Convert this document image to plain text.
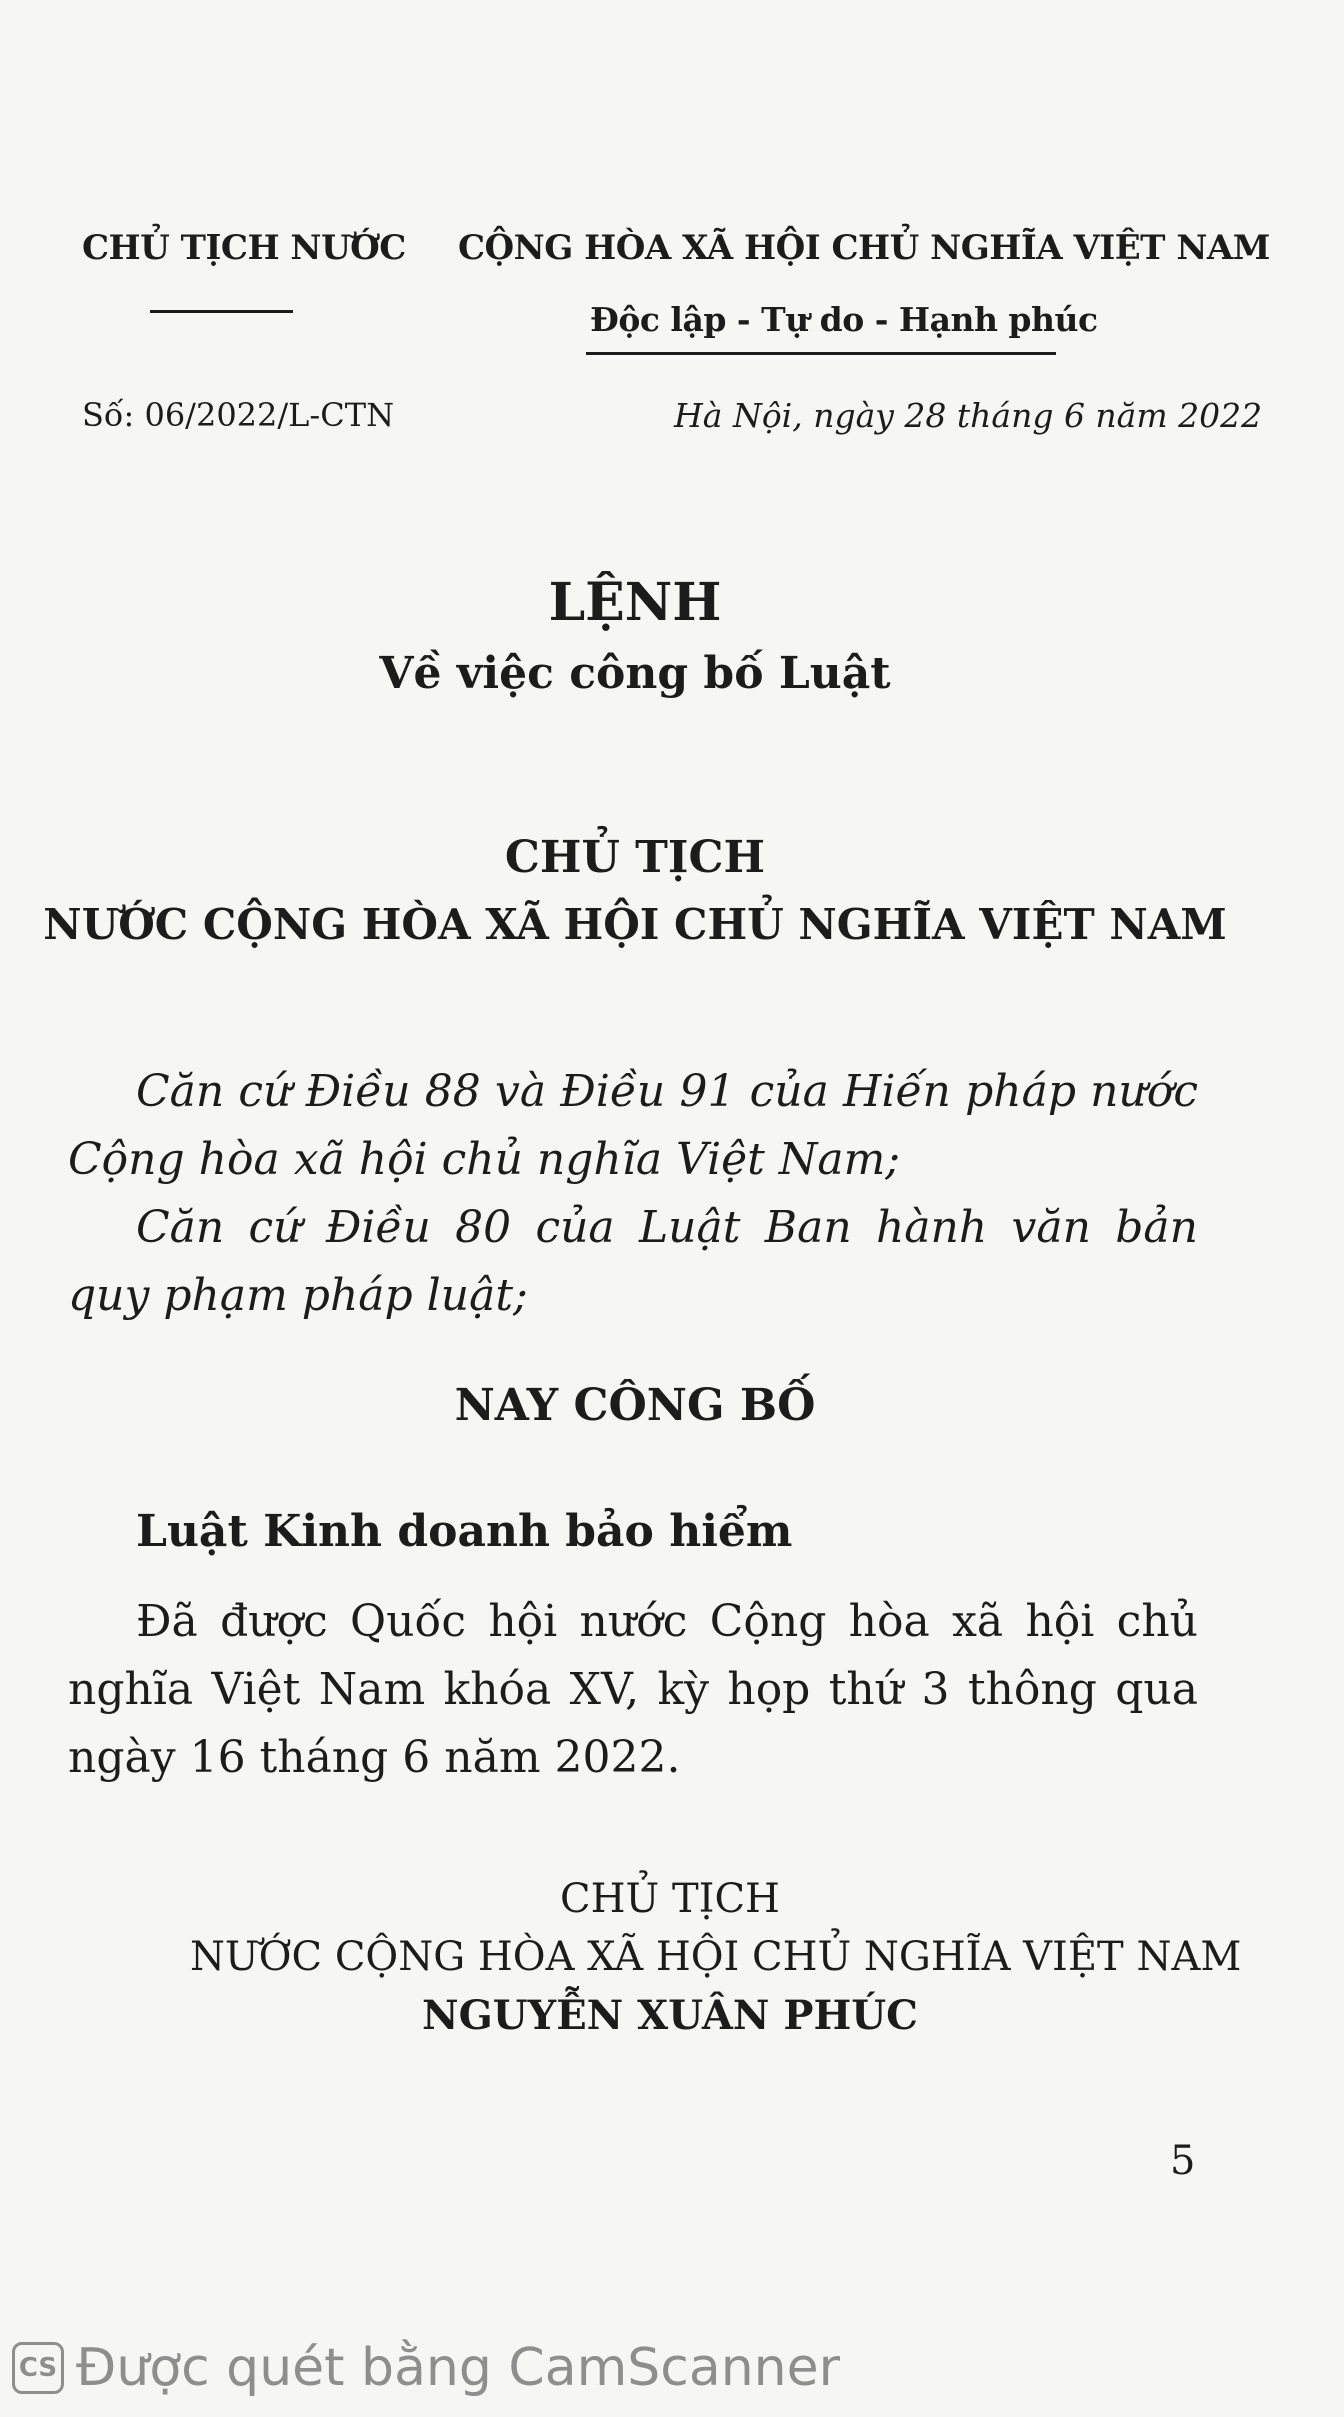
CHỦ TỊCH NƯỚC CỘNG HÒA XÃ HỘI CHỦ NGHĨA VIỆT NAM
Độc lập - Tự do - Hạnh phúc
Số: 06/2022/L-CTN	Hà Nội, ngày 28 tháng 6 năm 2022
LỆNH
Về việc công bố Luật
CHỦ TỊCH
NƯỚC CỘNG HÒA XÃ HỘI CHỦ NGHĨA VIỆT NAM
Căn cứ Điều 88 và Điều 91 của Hiến pháp nước Cộng hòa xã hội chủ nghĩa Việt Nam;
Căn cứ Điều 80 của Luật Ban hành văn bản quy phạm pháp luật;
NAY CÔNG BỐ
Luật Kinh doanh bảo hiểm
Đã được Quốc hội nước Cộng hòa xã hội chủ nghĩa Việt Nam khóa XV, kỳ họp thứ 3 thông qua ngày 16 tháng 6 năm 2022.
CHỦ TỊCH
NƯỚC CỘNG HÒA XÃ HỘI CHỦ NGHĨA VIỆT NAM
NGUYỄN XUÂN PHÚC
5
CS Được quét bằng CamScanner
